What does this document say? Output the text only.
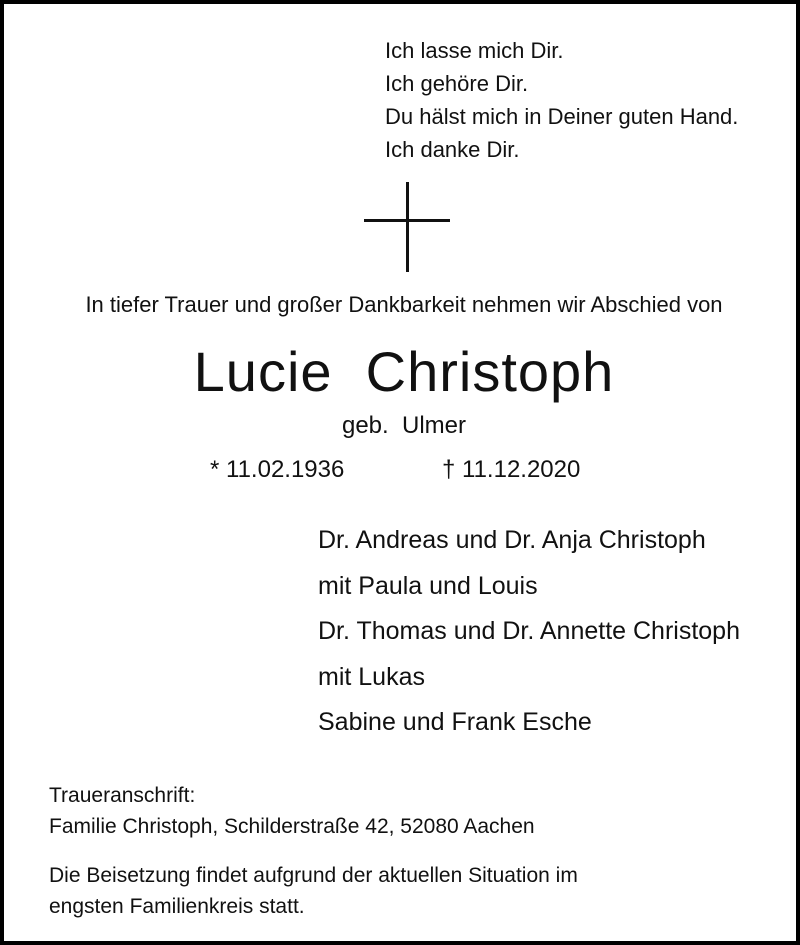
Ich lasse mich Dir.
Ich gehöre Dir.
Du hälst mich in Deiner guten Hand.
Ich danke Dir.
In tiefer Trauer und großer Dankbarkeit nehmen wir Abschied von
Lucie  Christoph
geb.  Ulmer
* 11.02.1936	† 11.12.2020
Dr. Andreas und Dr. Anja Christoph
mit Paula und Louis
Dr. Thomas und Dr. Annette Christoph
mit Lukas
Sabine und Frank Esche
Traueranschrift:
Familie Christoph, Schilderstraße 42, 52080 Aachen
Die Beisetzung findet aufgrund der aktuellen Situation im
engsten Familienkreis statt.
